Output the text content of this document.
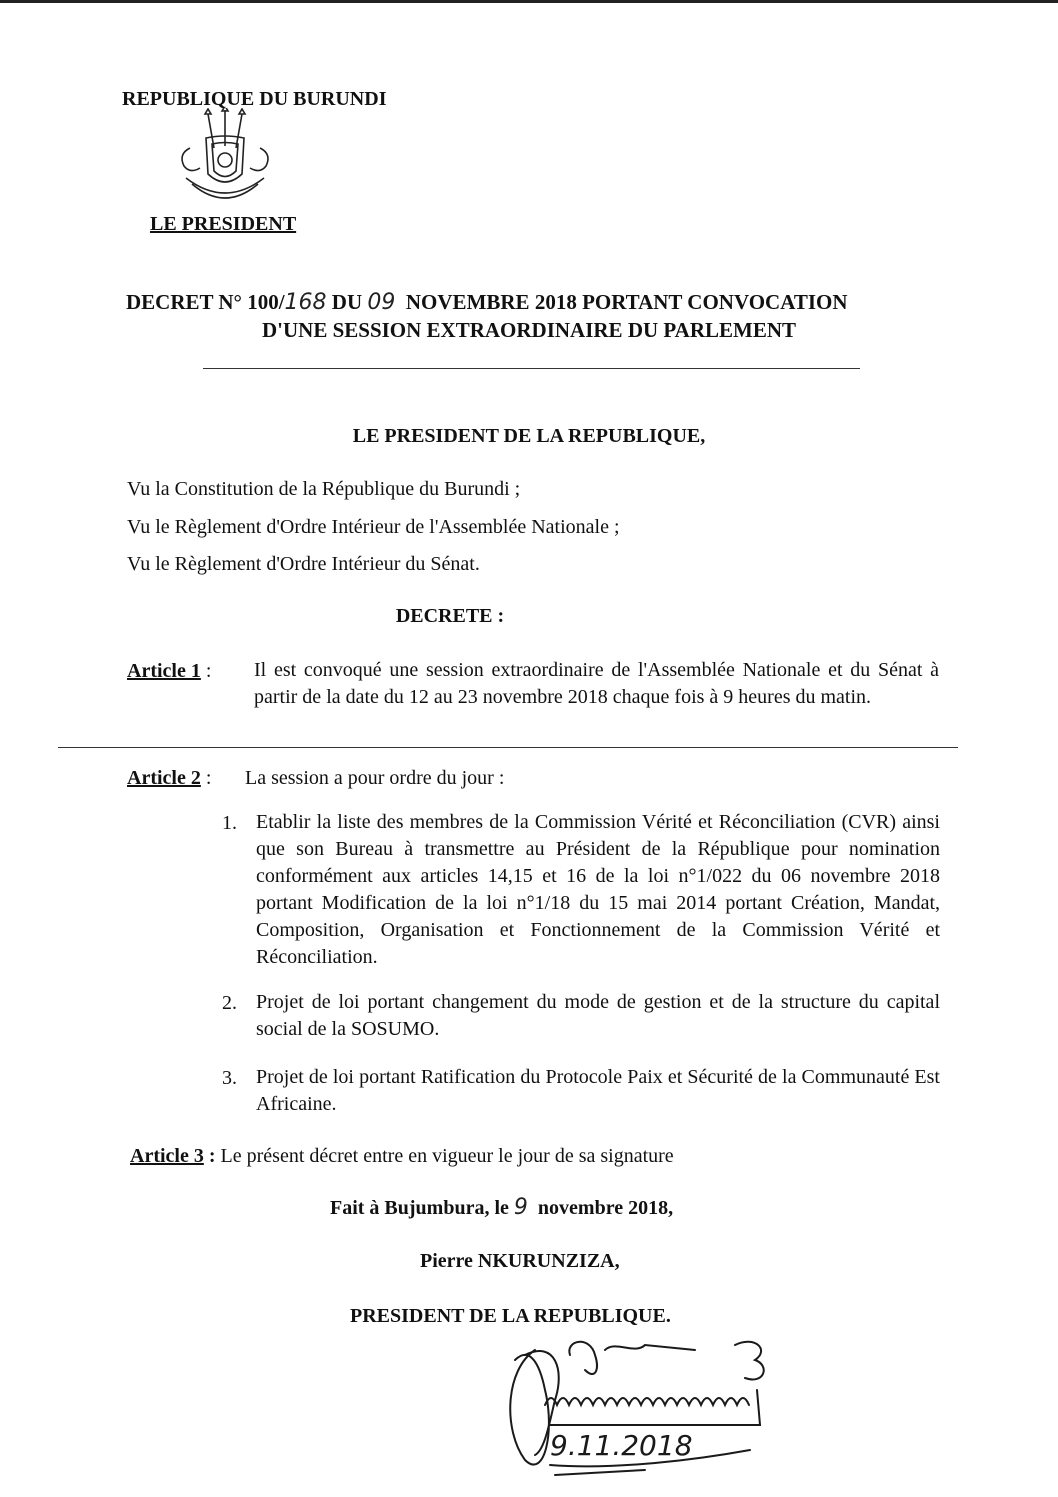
REPUBLIQUE DU BURUNDI
LE PRESIDENT
DECRET N° 100/168 DU 09 NOVEMBRE 2018 PORTANT CONVOCATION
D'UNE SESSION EXTRAORDINAIRE DU PARLEMENT
LE PRESIDENT DE LA REPUBLIQUE,
Vu la Constitution de la République du Burundi ;
Vu le Règlement d'Ordre Intérieur de l'Assemblée Nationale ;
Vu le Règlement d'Ordre Intérieur du Sénat.
DECRETE :
Article 1 : Il est convoqué une session extraordinaire de l'Assemblée Nationale et du Sénat à partir de la date du 12 au 23 novembre 2018 chaque fois à 9 heures du matin.
Article 2 : La session a pour ordre du jour :
1. Etablir la liste des membres de la Commission Vérité et Réconciliation (CVR) ainsi que son Bureau à transmettre au Président de la République pour nomination conformément aux articles 14,15 et 16 de la loi n°1/022 du 06 novembre 2018 portant Modification de la loi n°1/18 du 15 mai 2014 portant Création, Mandat, Composition, Organisation et Fonctionnement de la Commission Vérité et Réconciliation.
2. Projet de loi portant changement du mode de gestion et de la structure du capital social de la SOSUMO.
3. Projet de loi portant Ratification du Protocole Paix et Sécurité de la Communauté Est Africaine.
Article 3 : Le présent décret entre en vigueur le jour de sa signature
Fait à Bujumbura, le 9 novembre 2018,
Pierre NKURUNZIZA,
PRESIDENT DE LA REPUBLIQUE.
9.11.2018
